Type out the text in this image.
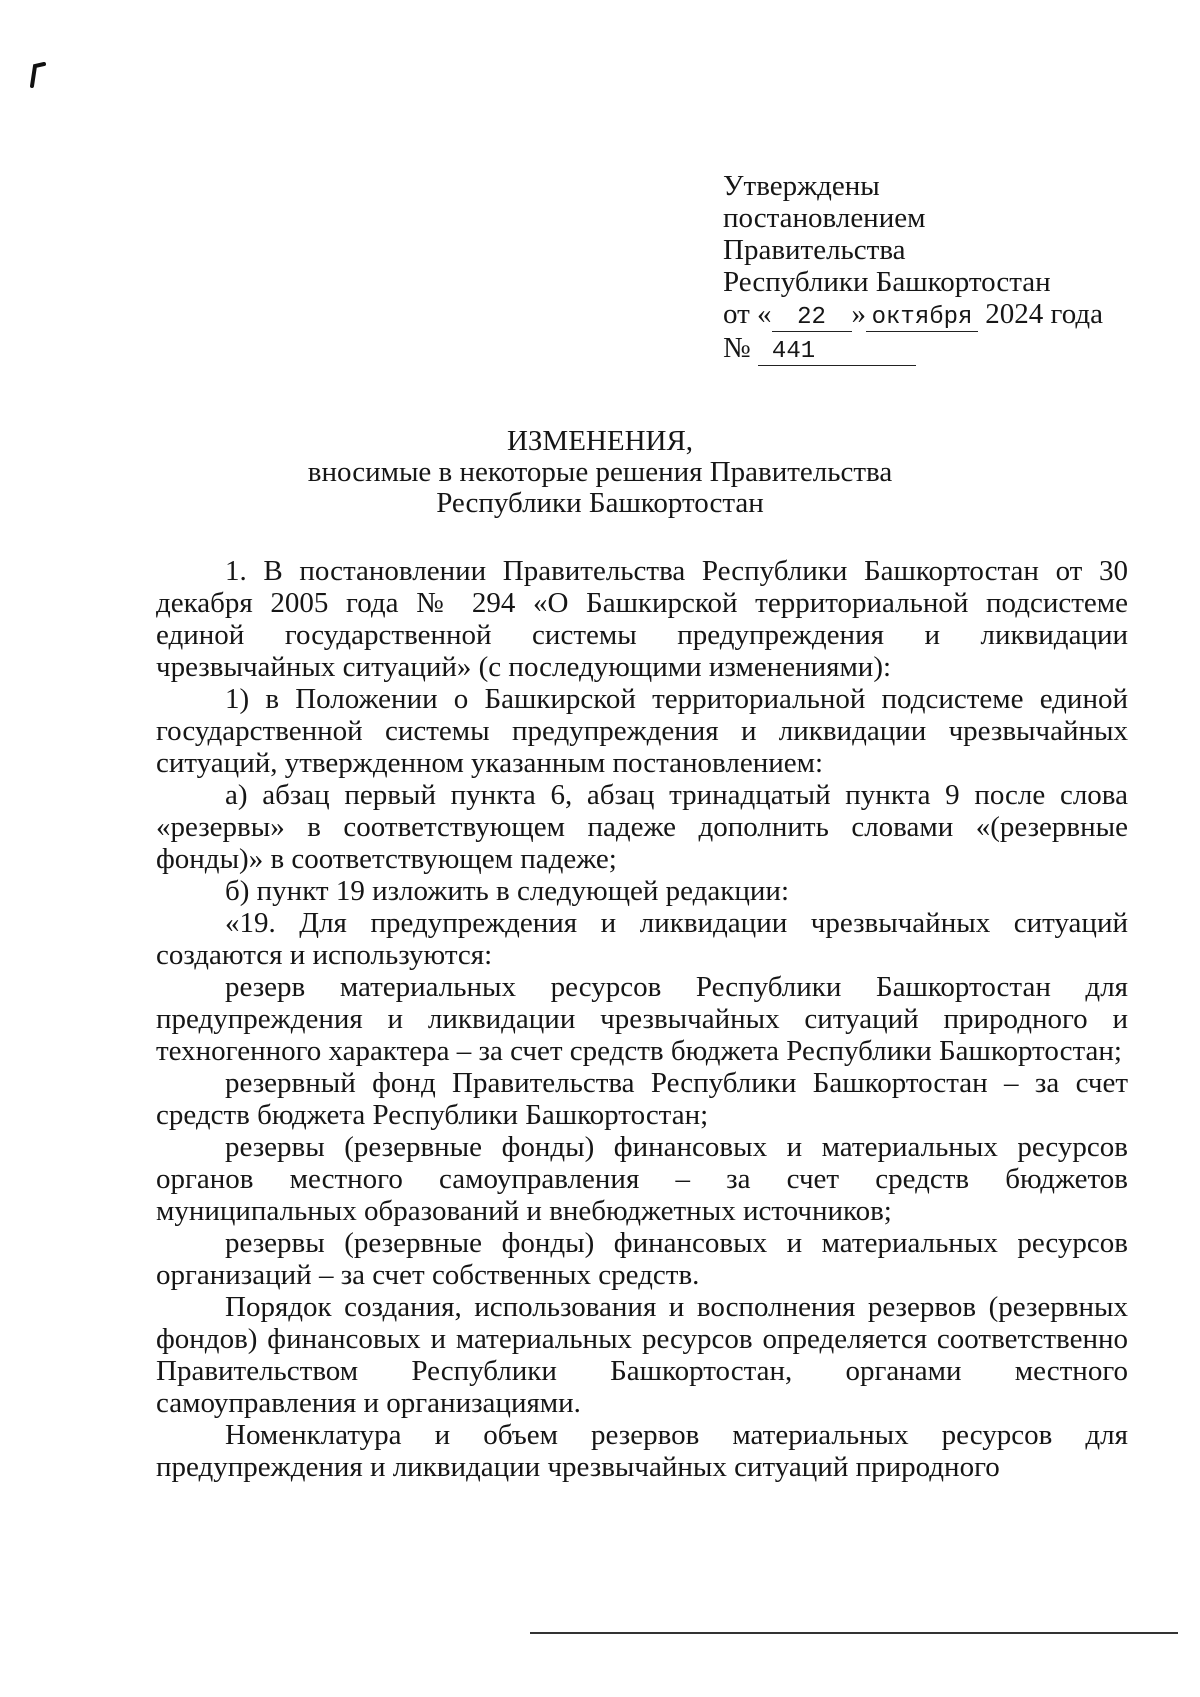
Утверждены
постановлением
Правительства
Республики Башкортостан
от « 22 » октября 2024 года
№ 441
ИЗМЕНЕНИЯ,
вносимые в некоторые решения Правительства
Республики Башкортостан

1. В постановлении Правительства Республики Башкортостан от 30 декабря 2005 года № 294 «О Башкирской территориальной подсистеме единой государственной системы предупреждения и ликвидации чрезвычайных ситуаций» (с последующими изменениями):

1) в Положении о Башкирской территориальной подсистеме единой государственной системы предупреждения и ликвидации чрезвычайных ситуаций, утвержденном указанным постановлением:

а) абзац первый пункта 6, абзац тринадцатый пункта 9 после слова «резервы» в соответствующем падеже дополнить словами «(резервные фонды)» в соответствующем падеже;

б) пункт 19 изложить в следующей редакции:

«19. Для предупреждения и ликвидации чрезвычайных ситуаций создаются и используются:

резерв материальных ресурсов Республики Башкортостан для предупреждения и ликвидации чрезвычайных ситуаций природного и техногенного характера – за счет средств бюджета Республики Башкортостан;

резервный фонд Правительства Республики Башкортостан – за счет средств бюджета Республики Башкортостан;

резервы (резервные фонды) финансовых и материальных ресурсов органов местного самоуправления – за счет средств бюджетов муниципальных образований и внебюджетных источников;

резервы (резервные фонды) финансовых и материальных ресурсов организаций – за счет собственных средств.

Порядок создания, использования и восполнения резервов (резервных фондов) финансовых и материальных ресурсов определяется соответственно Правительством Республики Башкортостан, органами местного самоуправления и организациями.

Номенклатура и объем резервов материальных ресурсов для предупреждения и ликвидации чрезвычайных ситуаций природного
